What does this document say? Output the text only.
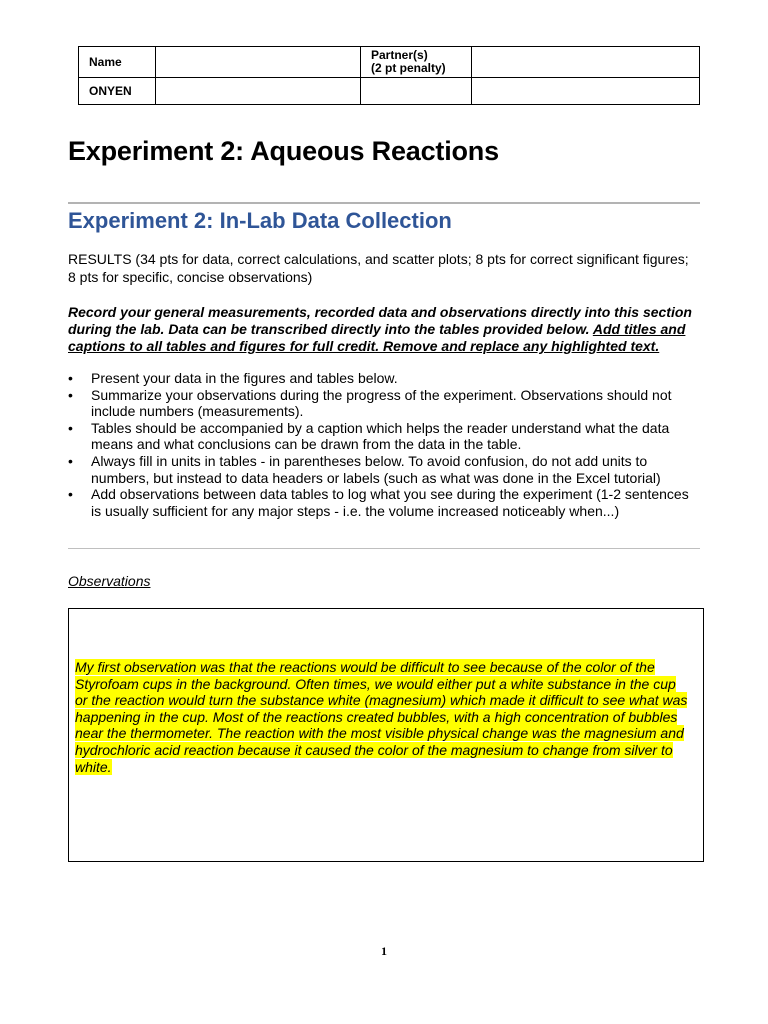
Name		Partner(s)
(2 pt penalty)	

ONYEN			
Experiment 2: Aqueous Reactions
Experiment 2: In-Lab Data Collection

RESULTS (34 pts for data, correct calculations, and scatter plots; 8 pts for correct significant figures; 8 pts for specific, concise observations)

Record your general measurements, recorded data and observations directly into this section during the lab. Data can be transcribed directly into the tables provided below. Add titles and captions to all tables and figures for full credit. Remove and replace any highlighted text.

• Present your data in the figures and tables below.
• Summarize your observations during the progress of the experiment. Observations should not include numbers (measurements).
• Tables should be accompanied by a caption which helps the reader understand what the data means and what conclusions can be drawn from the data in the table.
• Always fill in units in tables - in parentheses below. To avoid confusion, do not add units to numbers, but instead to data headers or labels (such as what was done in the Excel tutorial)
• Add observations between data tables to log what you see during the experiment (1-2 sentences is usually sufficient for any major steps - i.e. the volume increased noticeably when...)

Observations

My first observation was that the reactions would be difficult to see because of the color of the Styrofoam cups in the background. Often times, we would either put a white substance in the cup or the reaction would turn the substance white (magnesium) which made it difficult to see what was happening in the cup. Most of the reactions created bubbles, with a high concentration of bubbles near the thermometer. The reaction with the most visible physical change was the magnesium and hydrochloric acid reaction because it caused the color of the magnesium to change from silver to white.

1
